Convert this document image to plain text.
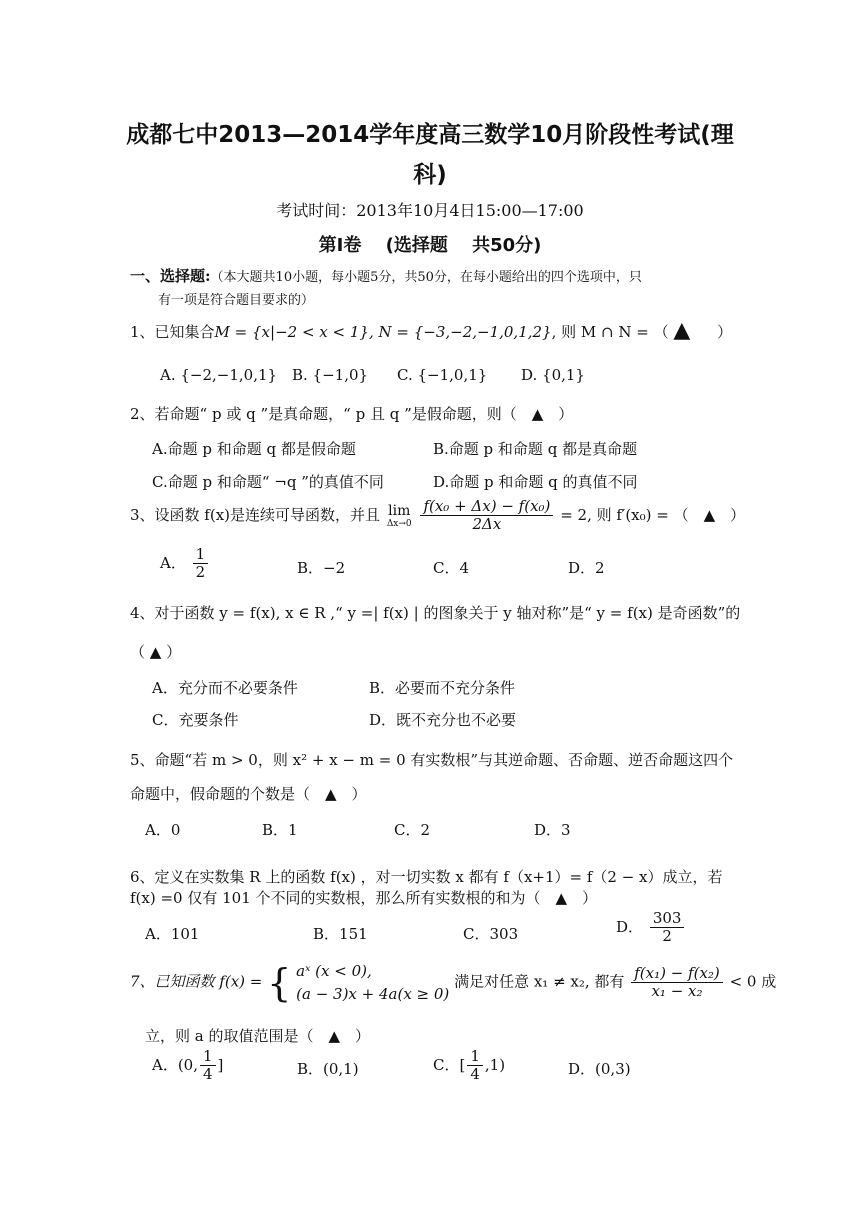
成都七中2013—2014学年度高三数学10月阶段性考试(理
科)
考试时间：2013年10月4日15:00—17:00
第Ⅰ卷　 (选择题　 共50分)
一、选择题:（本大题共10小题，每小题5分，共50分，在每小题给出的四个选项中，只
有一项是符合题目要求的）
1、已知集合M = {x|−2 < x < 1}, N = {−3,−2,−1,0,1,2}, 则 M ∩ N = （ ▲ ）
A. {−2,−1,0,1} B. {−1,0} C. {−1,0,1} D. {0,1}
2、若命题“ p 或 q ”是真命题，“ p 且 q ”是假命题，则（　▲　）
A.命题 p 和命题 q 都是假命题	B.命题 p 和命题 q 都是真命题
C.命题 p 和命题“ ¬q ”的真值不同	D.命题 p 和命题 q 的真值不同
3、设函数 f(x)是连续可导函数，并且 lim
Δx→0
$\frac{\text{f(x₀ + Δx) − f(x₀)}}{2\Delta x} = 2$, 则 f′(x₀) = （　▲　）
A． $\frac{1}{2}$	B．−2	C．4	D．2
4、对于函数 y = f(x), x ∈ R ,“ y =| f(x) | 的图象关于 y 轴对称”是“ y = f(x) 是奇函数”的
（ ▲ ）
A．充分而不必要条件	B．必要而不充分条件
C．充要条件	D．既不充分也不必要
5、命题“若 m > 0，则 x² + x − m = 0 有实数根”与其逆命题、否命题、逆否命题这四个
命题中，假命题的个数是（　▲　）
A．0	B．1	C．2	D．3
6、定义在实数集 R 上的函数 f(x) ，对一切实数 x 都有 f（x+1）= f（2 − x）成立，若
f(x) =0 仅有 101 个不同的实数根，那么所有实数根的和为（　▲　）
A．101	B．151	C．303	D． $\frac{303}{2}$
7、已知函数 f(x) = { aˣ (x < 0),
(a − 3)x + 4a(x ≥ 0)
满足对任意 x₁ ≠ x₂, 都有 $\frac{\text{f(x₁) − f(x₂)}}{\text{x₁ − x₂}} < 0$ 成
立，则 a 的取值范围是（　▲　）
A．(0, $\frac{1}{4}$ ]	B．(0,1)	C．[ $\frac{1}{4} ,1$)	D．(0,3)
